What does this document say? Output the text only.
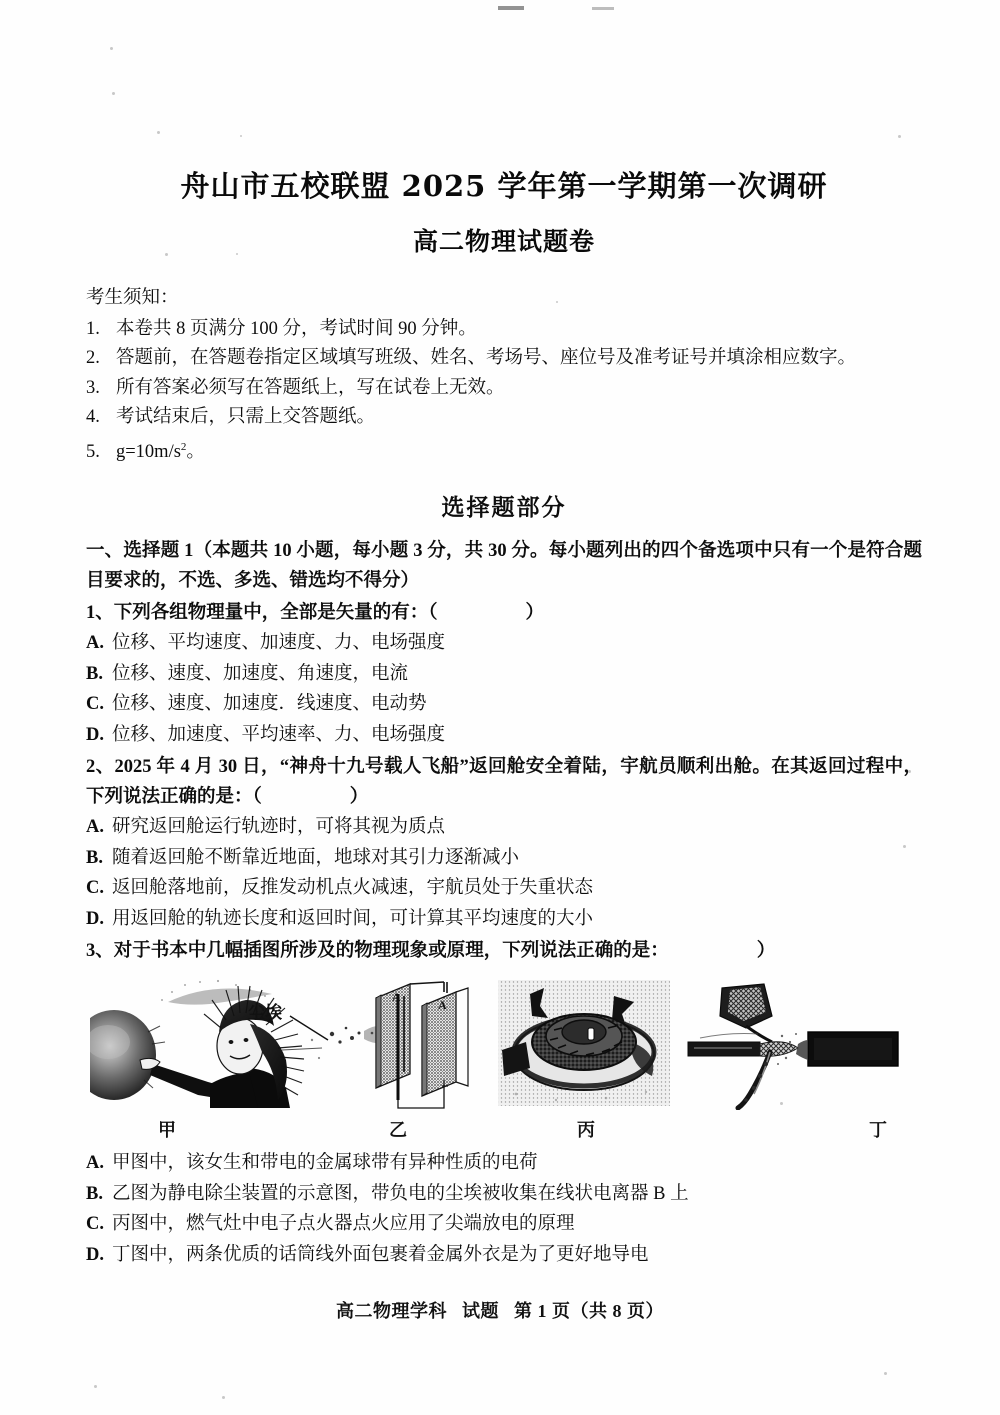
舟山市五校联盟 2025 学年第一学期第一次调研
高二物理试题卷
考生须知：
1. 本卷共 8 页满分 100 分，考试时间 90 分钟。
2. 答题前，在答题卷指定区域填写班级、姓名、考场号、座位号及准考证号并填涂相应数字。
3. 所有答案必须写在答题纸上，写在试卷上无效。
4. 考试结束后，只需上交答题纸。
5. $g=10m/s^2$。
选择题部分
一、选择题 1（本题共 10 小题，每小题 3 分，共 30 分。每小题列出的四个备选项中只有一个是符合题目要求的，不选、多选、错选均不得分）
1、下列各组物理量中，全部是矢量的有：（	）
A. 位移、平均速度、加速度、力、电场强度
B. 位移、速度、加速度、角速度，电流
C. 位移、速度、加速度．线速度、电动势
D. 位移、加速度、平均速率、力、电场强度
2、2025 年 4 月 30 日，“神舟十九号载人飞船”返回舱安全着陆，宇航员顺利出舱。在其返回过程中，下列说法正确的是：（	）
A. 研究返回舱运行轨迹时，可将其视为质点
B. 随着返回舱不断靠近地面，地球对其引力逐渐减小
C. 返回舱落地前，反推发动机点火减速，宇航员处于失重状态
D. 用返回舱的轨迹长度和返回时间，可计算其平均速度的大小
3、对于书本中几幅插图所涉及的物理现象或原理，下列说法正确的是：	）
甲
A
A
尘埃
乙	丙	丁
A. 甲图中，该女生和带电的金属球带有异种性质的电荷
B. 乙图为静电除尘装置的示意图，带负电的尘埃被收集在线状电离器 B 上
C. 丙图中，燃气灶中电子点火器点火应用了尖端放电的原理
D. 丁图中，两条优质的话筒线外面包裹着金属外衣是为了更好地导电
高二物理学科 试题 第 1 页（共 8 页）
